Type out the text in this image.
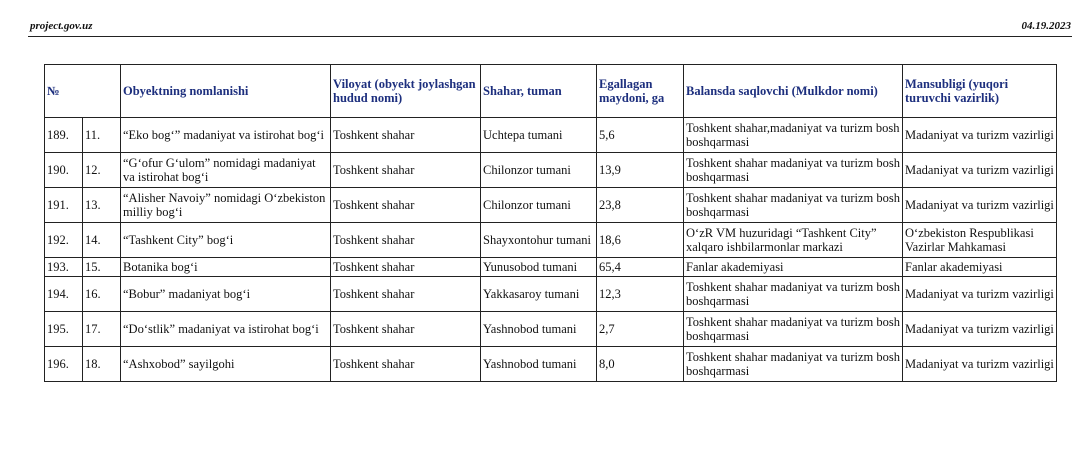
project.gov.uz	04.19.2023
№		Obyektning nomlanishi	Viloyat (obyekt joylashgan hudud nomi)	Shahar, tuman	Egallagan maydoni, ga	Balansda saqlovchi (Mulkdor nomi)	Mansubligi (yuqori turuvchi vazirlik)
189.	11.	“Eko bog‘” madaniyat va istirohat bog‘i	Toshkent shahar	Uchtepa tumani	5,6	Toshkent shahar,madaniyat va turizm bosh boshqarmasi	Madaniyat va turizm vazirligi
190.	12.	“G‘ofur G‘ulom” nomidagi madaniyat va istirohat bog‘i	Toshkent shahar	Chilonzor tumani	13,9	Toshkent shahar madaniyat va turizm bosh boshqarmasi	Madaniyat va turizm vazirligi
191.	13.	“Alisher Navoiy” nomidagi O‘zbekiston milliy bog‘i	Toshkent shahar	Chilonzor tumani	23,8	Toshkent shahar madaniyat va turizm bosh boshqarmasi	Madaniyat va turizm vazirligi
192.	14.	“Tashkent City” bog‘i	Toshkent shahar	Shayxontohur tumani	18,6	O‘zR VM huzuridagi “Tashkent City” xalqaro ishbilarmonlar markazi	O‘zbekiston Respublikasi Vazirlar Mahkamasi
193.	15.	Botanika bog‘i	Toshkent shahar	Yunusobod tumani	65,4	Fanlar akademiyasi	Fanlar akademiyasi
194.	16.	“Bobur” madaniyat bog‘i	Toshkent shahar	Yakkasaroy tumani	12,3	Toshkent shahar madaniyat va turizm bosh boshqarmasi	Madaniyat va turizm vazirligi
195.	17.	“Do‘stlik” madaniyat va istirohat bog‘i	Toshkent shahar	Yashnobod tumani	2,7	Toshkent shahar madaniyat va turizm bosh boshqarmasi	Madaniyat va turizm vazirligi
196.	18.	“Ashxobod” sayilgohi	Toshkent shahar	Yashnobod tumani	8,0	Toshkent shahar madaniyat va turizm bosh boshqarmasi	Madaniyat va turizm vazirligi
